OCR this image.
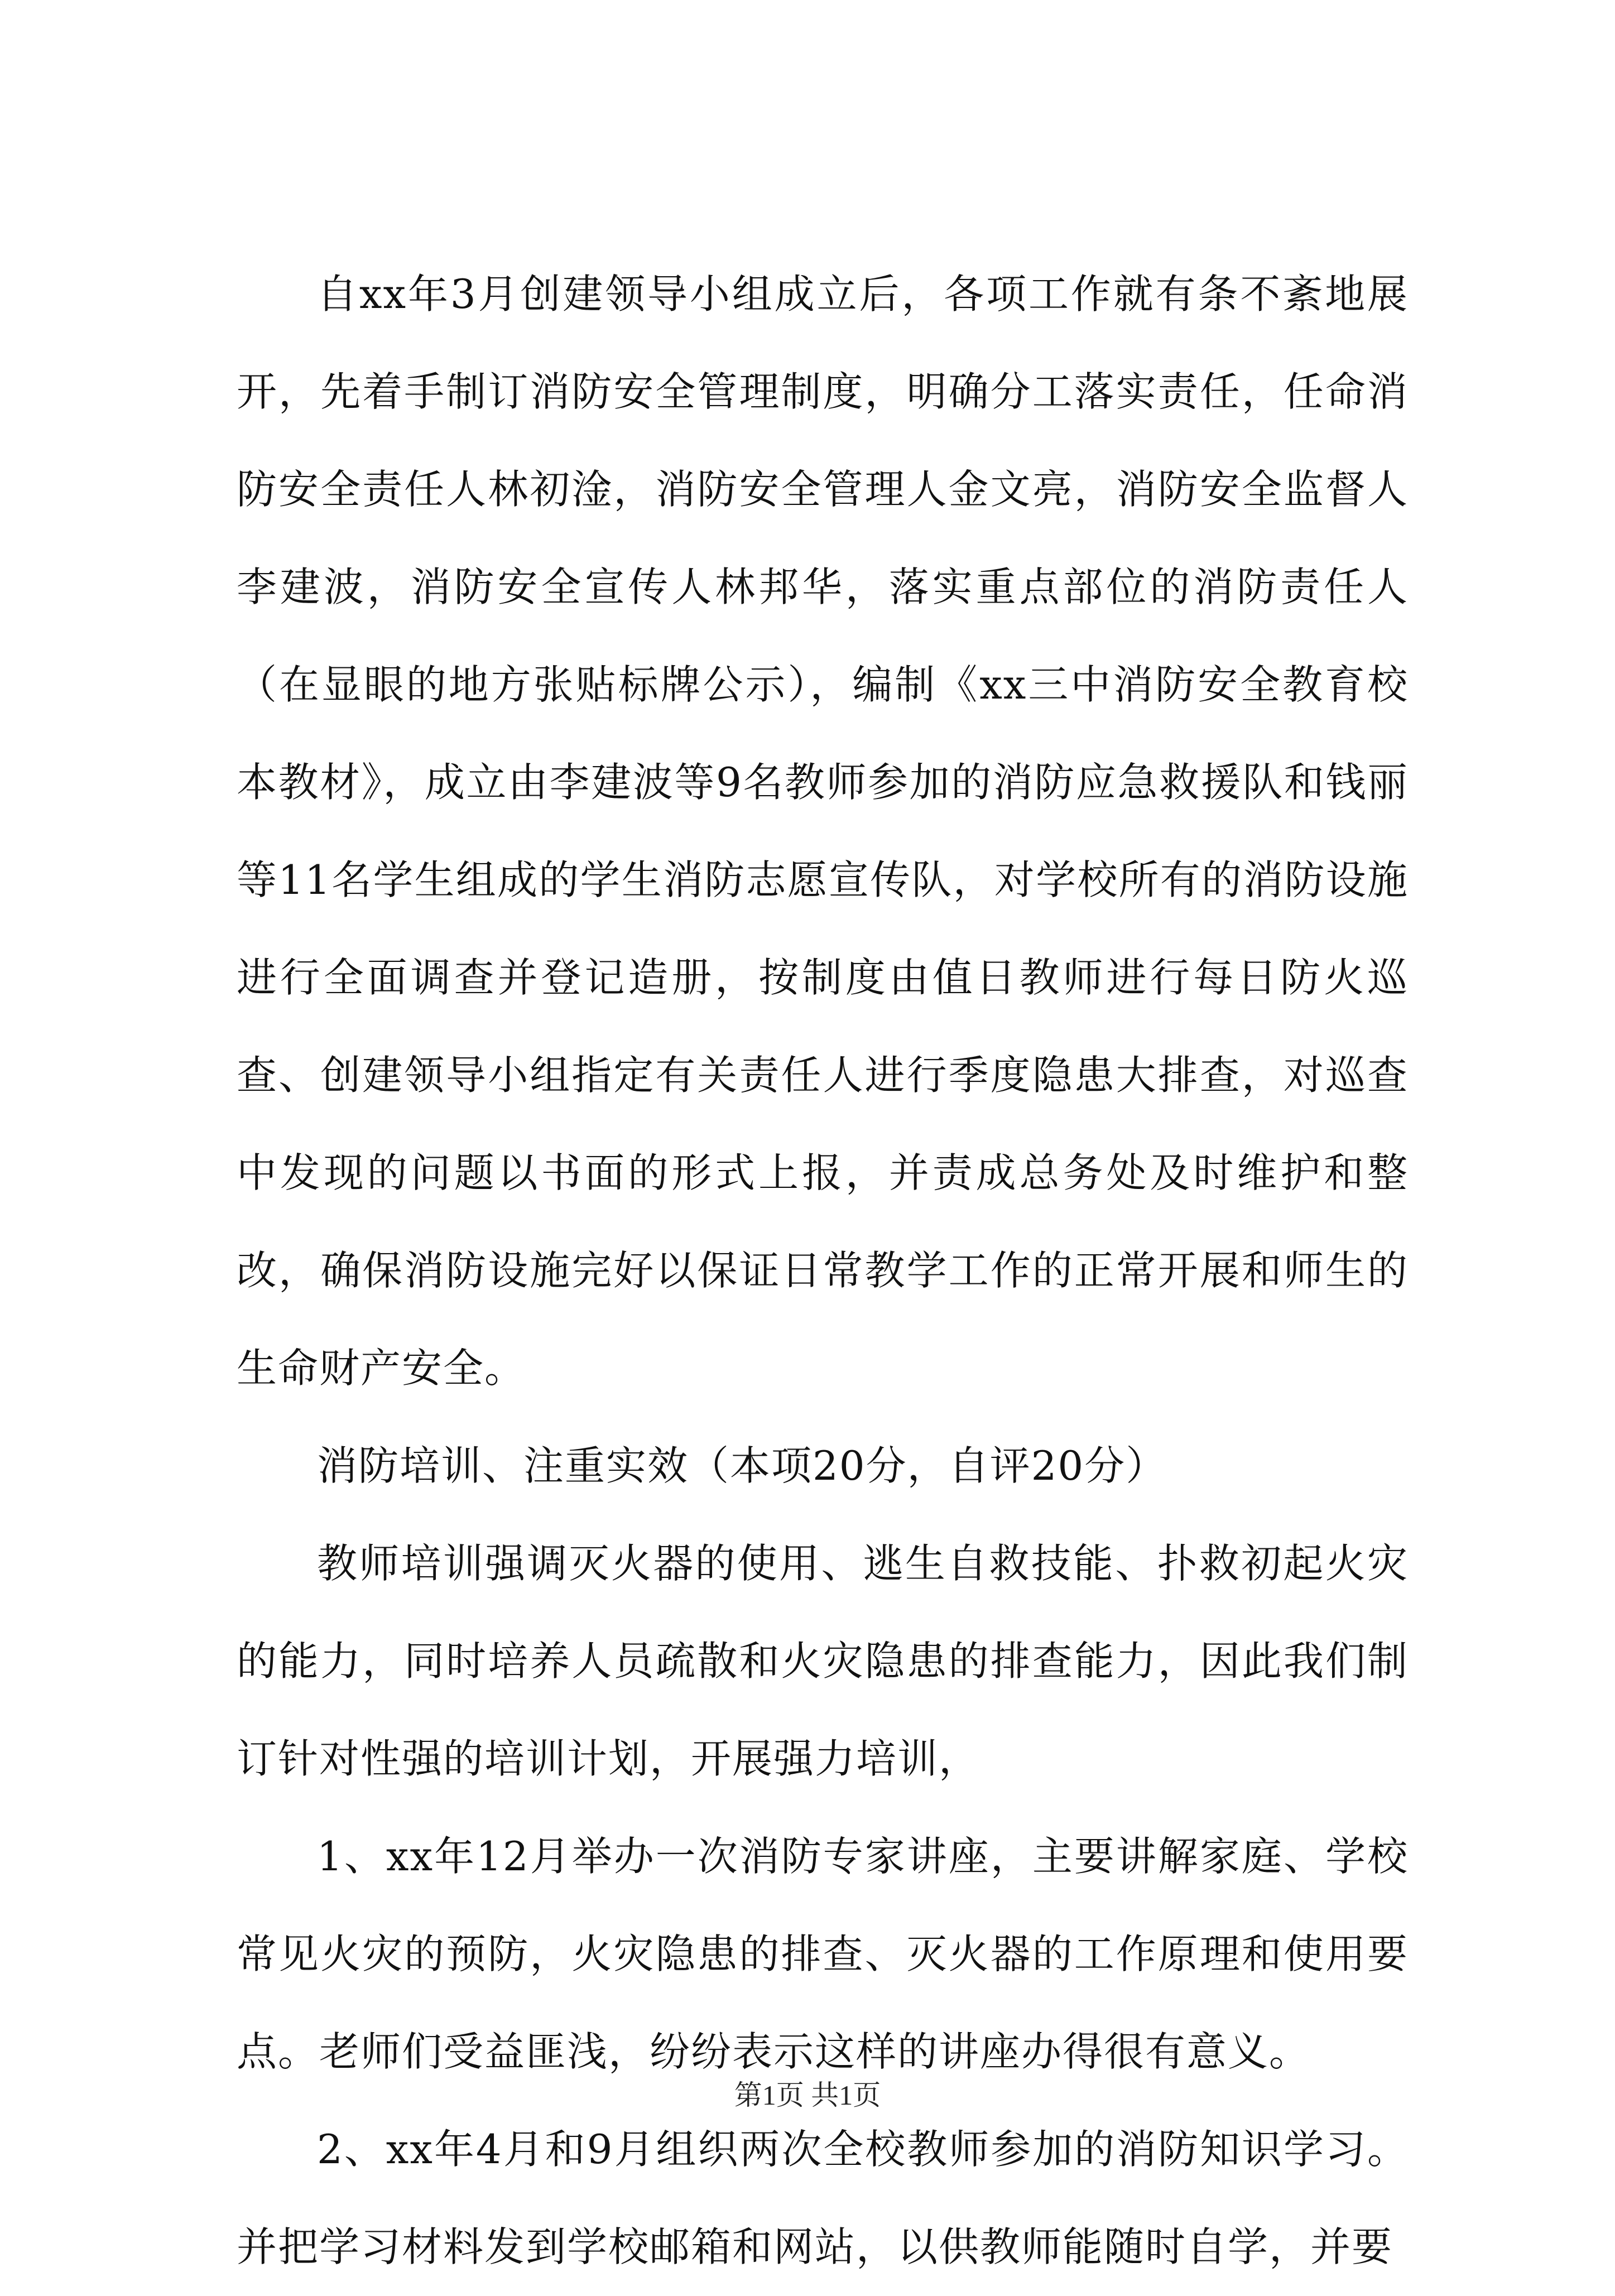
自xx年3月创建领导小组成立后，各项工作就有条不紊地展开，先着手制订消防安全管理制度，明确分工落实责任，任命消防安全责任人林初淦，消防安全管理人金文亮，消防安全监督人李建波，消防安全宣传人林邦华，落实重点部位的消防责任人（在显眼的地方张贴标牌公示），编制《xx三中消防安全教育校本教材》，成立由李建波等9名教师参加的消防应急救援队和钱丽等11名学生组成的学生消防志愿宣传队，对学校所有的消防设施进行全面调查并登记造册，按制度由值日教师进行每日防火巡查、创建领导小组指定有关责任人进行季度隐患大排查，对巡查中发现的问题以书面的形式上报，并责成总务处及时维护和整改，确保消防设施完好以保证日常教学工作的正常开展和师生的生命财产安全。

消防培训、注重实效（本项20分，自评20分）

教师培训强调灭火器的使用、逃生自救技能、扑救初起火灾的能力，同时培养人员疏散和火灾隐患的排查能力，因此我们制订针对性强的培训计划，开展强力培训，

1、xx年12月举办一次消防专家讲座，主要讲解家庭、学校常见火灾的预防，火灾隐患的排查、灭火器的工作原理和使用要点。老师们受益匪浅，纷纷表示这样的讲座办得很有意义。

2、xx年4月和9月组织两次全校教师参加的消防知识学习。并把学习材料发到学校邮箱和网站，以供教师能随时自学，并要

第1页 共1页
